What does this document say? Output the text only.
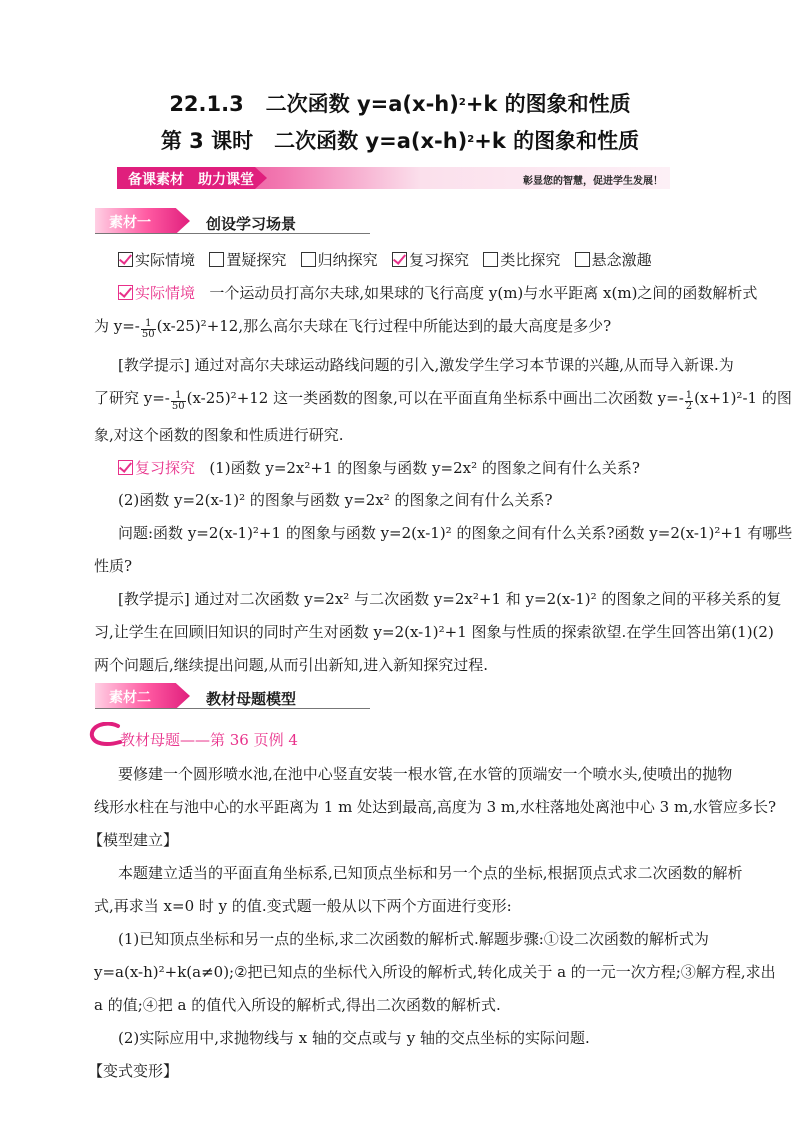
22.1.3 二次函数 $y=a(x-h)^2+k$ 的图象和性质
第 3 课时　二次函数 $y=a(x-h)^2+k$ 的图象和性质
备课素材　助力课堂	彰显您的智慧，促进学生发展！
素材一	创设学习场景
实际情境 置疑探究 归纳探究 复习探究 类比探究 悬念激趣
实际情境 一个运动员打高尔夫球,如果球的飞行高度 y(m)与水平距离 x(m)之间的函数解析式
为 $y=- \frac{1}{50} (x-25)^2+12$,那么高尔夫球在飞行过程中所能达到的最大高度是多少?
[教学提示] 通过对高尔夫球运动路线问题的引入,激发学生学习本节课的兴趣,从而导入新课.为
了研究 $y=- \frac{1}{50} (x-25)^2+12$ 这一类函数的图象,可以在平面直角坐标系中画出二次函数 $y=- \frac{1}{2} (x+1)^2-1$ 的图
象,对这个函数的图象和性质进行研究.
复习探究 (1)函数 y=2x²+1 的图象与函数 y=2x² 的图象之间有什么关系?
(2)函数 y=2(x-1)² 的图象与函数 y=2x² 的图象之间有什么关系?
问题:函数 y=2(x-1)²+1 的图象与函数 y=2(x-1)² 的图象之间有什么关系?函数 y=2(x-1)²+1 有哪些
性质?
[教学提示] 通过对二次函数 y=2x² 与二次函数 y=2x²+1 和 y=2(x-1)² 的图象之间的平移关系的复
习,让学生在回顾旧知识的同时产生对函数 y=2(x-1)²+1 图象与性质的探索欲望.在学生回答出第(1)(2)
两个问题后,继续提出问题,从而引出新知,进入新知探究过程.
素材二	教材母题模型
教材母题——第 36 页例 4
要修建一个圆形喷水池,在池中心竖直安装一根水管,在水管的顶端安一个喷水头,使喷出的抛物
线形水柱在与池中心的水平距离为 1 m 处达到最高,高度为 3 m,水柱落地处离池中心 3 m,水管应多长?
【模型建立】
本题建立适当的平面直角坐标系,已知顶点坐标和另一个点的坐标,根据顶点式求二次函数的解析
式,再求当 x=0 时 y 的值.变式题一般从以下两个方面进行变形:
(1)已知顶点坐标和另一点的坐标,求二次函数的解析式.解题步骤:①设二次函数的解析式为
y=a(x-h)²+k(a≠0);②把已知点的坐标代入所设的解析式,转化成关于 a 的一元一次方程;③解方程,求出
a 的值;④把 a 的值代入所设的解析式,得出二次函数的解析式.
(2)实际应用中,求抛物线与 x 轴的交点或与 y 轴的交点坐标的实际问题.
【变式变形】
